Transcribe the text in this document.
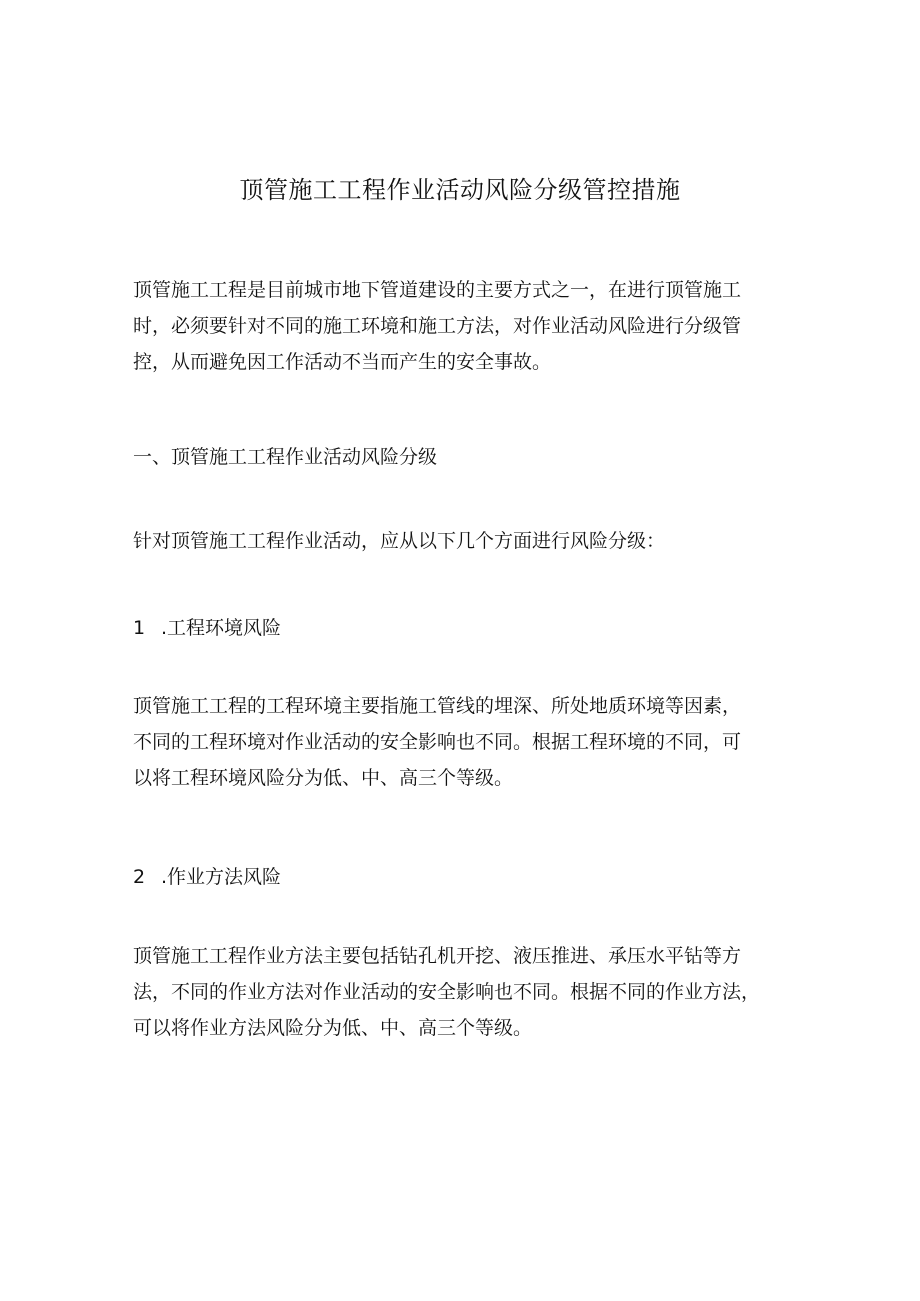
顶管施工工程作业活动风险分级管控措施

顶管施工工程是目前城市地下管道建设的主要方式之一，在进行顶管施工
时，必须要针对不同的施工环境和施工方法，对作业活动风险进行分级管
控，从而避免因工作活动不当而产生的安全事故。

一、顶管施工工程作业活动风险分级

针对顶管施工工程作业活动，应从以下几个方面进行风险分级：

1 .工程环境风险

顶管施工工程的工程环境主要指施工管线的埋深、所处地质环境等因素，
不同的工程环境对作业活动的安全影响也不同。根据工程环境的不同，可
以将工程环境风险分为低、中、高三个等级。

2 .作业方法风险

顶管施工工程作业方法主要包括钻孔机开挖、液压推进、承压水平钻等方
法，不同的作业方法对作业活动的安全影响也不同。根据不同的作业方法，
可以将作业方法风险分为低、中、高三个等级。
